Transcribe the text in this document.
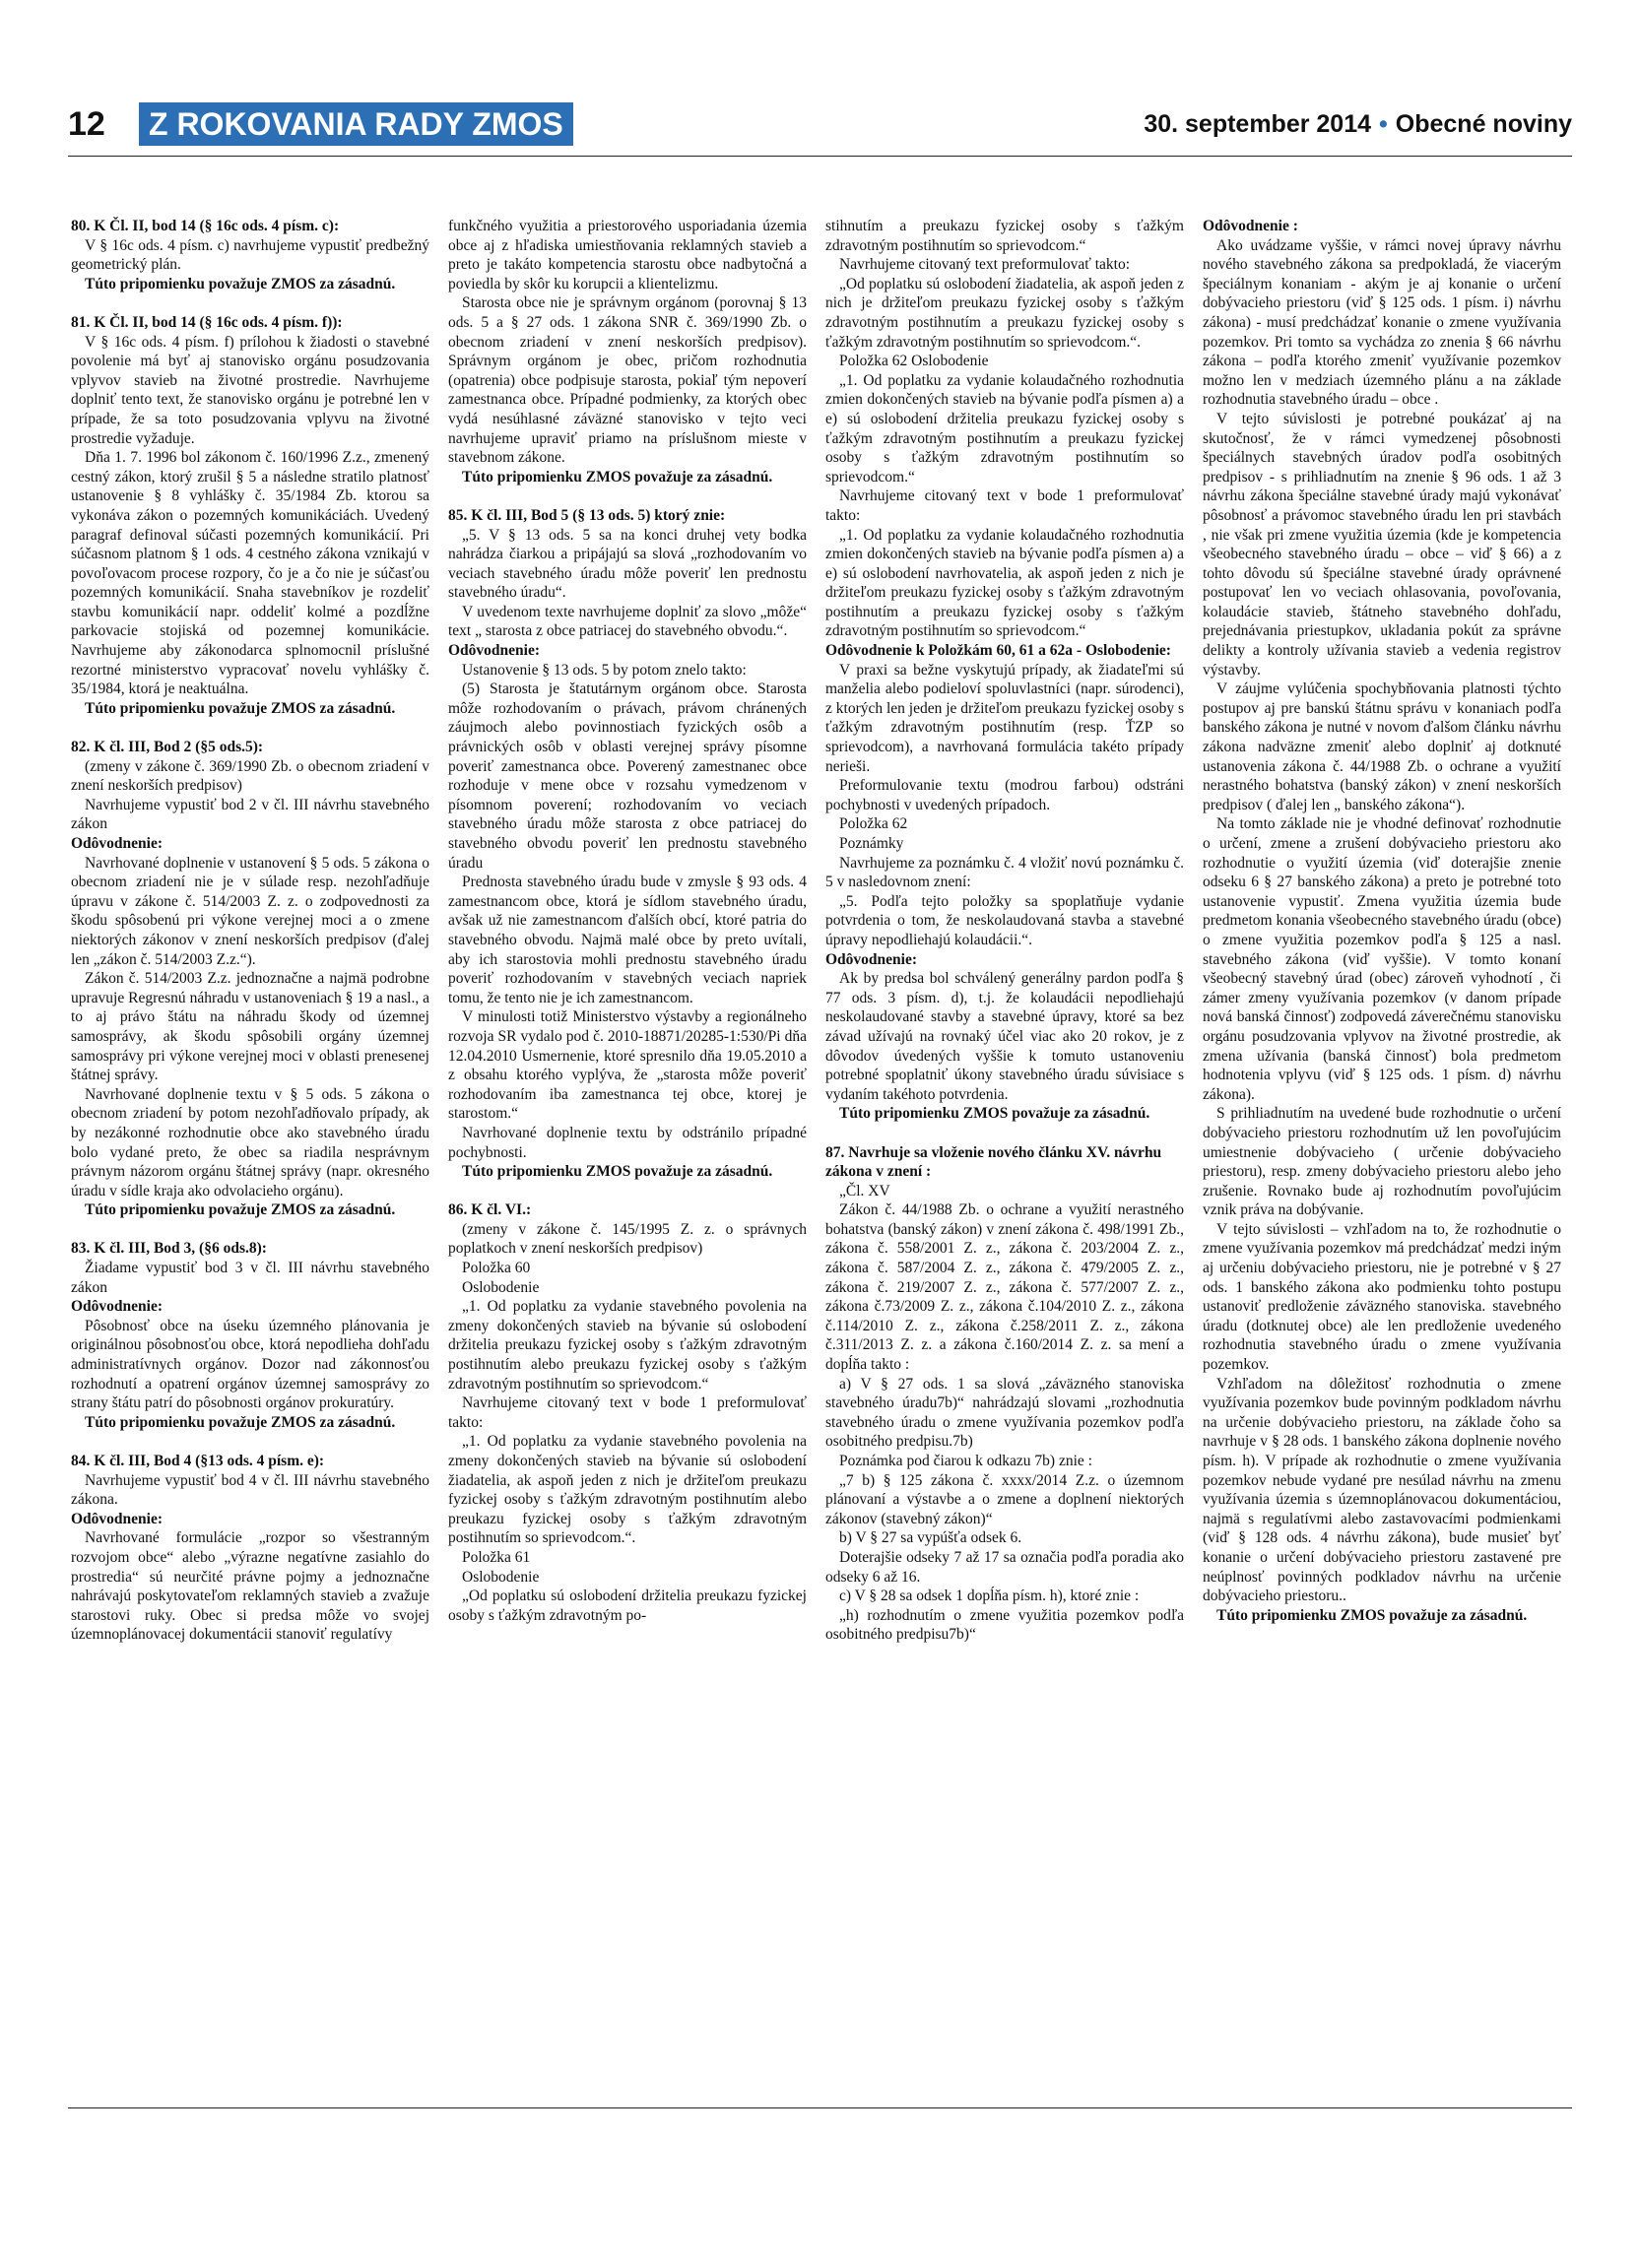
12	Z ROKOVANIA RADY ZMOS	30. september 2014 • Obecné noviny

80. K Čl. II, bod 14 (§ 16c ods. 4 písm. c):

V § 16c ods. 4 písm. c) navrhujeme vypustiť predbežný geometrický plán.

Túto pripomienku považuje ZMOS za zásadnú.

81. K Čl. II, bod 14 (§ 16c ods. 4 písm. f)):

V § 16c ods. 4 písm. f) prílohou k žiadosti o stavebné povolenie má byť aj stanovisko orgánu posudzovania vplyvov stavieb na životné prostredie. Navrhujeme doplniť tento text, že stanovisko orgánu je potrebné len v prípade, že sa toto posudzovania vplyvu na životné prostredie vyžaduje.

Dňa 1. 7. 1996 bol zákonom č. 160/1996 Z.z., zmenený cestný zákon, ktorý zrušil § 5 a následne stratilo platnosť ustanovenie § 8 vyhlášky č. 35/1984 Zb. ktorou sa vykonáva zákon o pozemných komunikáciách. Uvedený paragraf definoval súčasti pozemných komunikácií. Pri súčasnom platnom § 1 ods. 4 cestného zákona vznikajú v povoľovacom procese rozpory, čo je a čo nie je súčasťou pozemných komunikácií. Snaha stavebníkov je rozdeliť stavbu komunikácií napr. oddeliť kolmé a pozdĺžne parkovacie stojiská od pozemnej komunikácie. Navrhujeme aby zákonodarca splnomocnil príslušné rezortné ministerstvo vypracovať novelu vyhlášky č. 35/1984, ktorá je neaktuálna.

Túto pripomienku považuje ZMOS za zásadnú.

82. K čl. III, Bod 2 (§5 ods.5):

(zmeny v zákone č. 369/1990 Zb. o obecnom zriadení v znení neskorších predpisov)

Navrhujeme vypustiť bod 2 v čl. III návrhu stavebného zákon

Odôvodnenie:

Navrhované doplnenie v ustanovení § 5 ods. 5 zákona o obecnom zriadení nie je v súlade resp. nezohľadňuje úpravu v zákone č. 514/2003 Z. z. o zodpovednosti za škodu spôsobenú pri výkone verejnej moci a o zmene niektorých zákonov v znení neskorších predpisov (ďalej len „zákon č. 514/2003 Z.z.“).

Zákon č. 514/2003 Z.z. jednoznačne a najmä podrobne upravuje Regresnú náhradu v ustanoveniach § 19 a nasl., a to aj právo štátu na náhradu škody od územnej samosprávy, ak škodu spôsobili orgány územnej samosprávy pri výkone verejnej moci v oblasti prenesenej štátnej správy.

Navrhované doplnenie textu v § 5 ods. 5 zákona o obecnom zriadení by potom nezohľadňovalo prípady, ak by nezákonné rozhodnutie obce ako stavebného úradu bolo vydané preto, že obec sa riadila nesprávnym právnym názorom orgánu štátnej správy (napr. okresného úradu v sídle kraja ako odvolacieho orgánu).

Túto pripomienku považuje ZMOS za zásadnú.

83. K čl. III, Bod 3, (§6 ods.8):

Žiadame vypustiť bod 3 v čl. III návrhu stavebného zákon

Odôvodnenie:

Pôsobnosť obce na úseku územného plánovania je originálnou pôsobnosťou obce, ktorá nepodlieha dohľadu administratívnych orgánov. Dozor nad zákonnosťou rozhodnutí a opatrení orgánov územnej samosprávy zo strany štátu patrí do pôsobnosti orgánov prokuratúry.

Túto pripomienku považuje ZMOS za zásadnú.

84. K čl. III, Bod 4 (§13 ods. 4 písm. e):

Navrhujeme vypustiť bod 4 v čl. III návrhu stavebného zákona.

Odôvodnenie:

Navrhované formulácie „rozpor so všestranným rozvojom obce“ alebo „výrazne negatívne zasiahlo do prostredia“ sú neurčité právne pojmy a jednoznačne nahrávajú poskytovateľom reklamných stavieb a zvažuje starostovi ruky. Obec si predsa môže vo svojej územnoplánovacej dokumentácii stanoviť regulatívy

funkčného využitia a priestorového usporiadania územia obce aj z hľadiska umiestňovania reklamných stavieb a preto je takáto kompetencia starostu obce nadbytočná a poviedla by skôr ku korupcii a klientelizmu.

Starosta obce nie je správnym orgánom (porovnaj § 13 ods. 5 a § 27 ods. 1 zákona SNR č. 369/1990 Zb. o obecnom zriadení v znení neskorších predpisov). Správnym orgánom je obec, pričom rozhodnutia (opatrenia) obce podpisuje starosta, pokiaľ tým nepoverí zamestnanca obce. Prípadné podmienky, za ktorých obec vydá nesúhlasné záväzné stanovisko v tejto veci navrhujeme upraviť priamo na príslušnom mieste v stavebnom zákone.

Túto pripomienku ZMOS považuje za zásadnú.

85. K čl. III, Bod 5 (§ 13 ods. 5) ktorý znie:

„5. V § 13 ods. 5 sa na konci druhej vety bodka nahrádza čiarkou a pripájajú sa slová „rozhodovaním vo veciach stavebného úradu môže poveriť len prednostu stavebného úradu“.

V uvedenom texte navrhujeme doplniť za slovo „môže“ text „ starosta z obce patriacej do stavebného obvodu.“.

Odôvodnenie:

Ustanovenie § 13 ods. 5 by potom znelo takto:

(5) Starosta je štatutárnym orgánom obce. Starosta môže rozhodovaním o právach, právom chránených záujmoch alebo povinnostiach fyzických osôb a právnických osôb v oblasti verejnej správy písomne poveriť zamestnanca obce. Poverený zamestnanec obce rozhoduje v mene obce v rozsahu vymedzenom v písomnom poverení; rozhodovaním vo veciach stavebného úradu môže starosta z obce patriacej do stavebného obvodu poveriť len prednostu stavebného úradu

Prednosta stavebného úradu bude v zmysle § 93 ods. 4 zamestnancom obce, ktorá je sídlom stavebného úradu, avšak už nie zamestnancom ďalších obcí, ktoré patria do stavebného obvodu. Najmä malé obce by preto uvítali, aby ich starostovia mohli prednostu stavebného úradu poveriť rozhodovaním v stavebných veciach napriek tomu, že tento nie je ich zamestnancom.

V minulosti totiž Ministerstvo výstavby a regionálneho rozvoja SR vydalo pod č. 2010-18871/20285-1:530/Pi dňa 12.04.2010 Usmernenie, ktoré spresnilo dňa 19.05.2010 a z obsahu ktorého vyplýva, že „starosta môže poveriť rozhodovaním iba zamestnanca tej obce, ktorej je starostom.“

Navrhované doplnenie textu by odstránilo prípadné pochybnosti.

Túto pripomienku ZMOS považuje za zásadnú.

86. K čl. VI.:

(zmeny v zákone č. 145/1995 Z. z. o správnych poplatkoch v znení neskorších predpisov)

Položka 60

Oslobodenie

„1. Od poplatku za vydanie stavebného povolenia na zmeny dokončených stavieb na bývanie sú oslobodení držitelia preukazu fyzickej osoby s ťažkým zdravotným postihnutím alebo preukazu fyzickej osoby s ťažkým zdravotným postihnutím so sprievodcom.“

Navrhujeme citovaný text v bode 1 preformulovať takto:

„1. Od poplatku za vydanie stavebného povolenia na zmeny dokončených stavieb na bývanie sú oslobodení žiadatelia, ak aspoň jeden z nich je držiteľom preukazu fyzickej osoby s ťažkým zdravotným postihnutím alebo preukazu fyzickej osoby s ťažkým zdravotným postihnutím so sprievodcom.“.

Položka 61

Oslobodenie

„Od poplatku sú oslobodení držitelia preukazu fyzickej osoby s ťažkým zdravotným po-

stihnutím a preukazu fyzickej osoby s ťažkým zdravotným postihnutím so sprievodcom.“

Navrhujeme citovaný text preformulovať takto:

„Od poplatku sú oslobodení žiadatelia, ak aspoň jeden z nich je držiteľom preukazu fyzickej osoby s ťažkým zdravotným postihnutím a preukazu fyzickej osoby s ťažkým zdravotným postihnutím so sprievodcom.“.

Položka 62 Oslobodenie

„1. Od poplatku za vydanie kolaudačného rozhodnutia zmien dokončených stavieb na bývanie podľa písmen a) a e) sú oslobodení držitelia preukazu fyzickej osoby s ťažkým zdravotným postihnutím a preukazu fyzickej osoby s ťažkým zdravotným postihnutím so sprievodcom.“

Navrhujeme citovaný text v bode 1 preformulovať takto:

„1. Od poplatku za vydanie kolaudačného rozhodnutia zmien dokončených stavieb na bývanie podľa písmen a) a e) sú oslobodení navrhovatelia, ak aspoň jeden z nich je držiteľom preukazu fyzickej osoby s ťažkým zdravotným postihnutím a preukazu fyzickej osoby s ťažkým zdravotným postihnutím so sprievodcom.“

Odôvodnenie k Položkám 60, 61 a 62a - Oslobodenie:

V praxi sa bežne vyskytujú prípady, ak žiadateľmi sú manželia alebo podieloví spoluvlastníci (napr. súrodenci), z ktorých len jeden je držiteľom preukazu fyzickej osoby s ťažkým zdravotným postihnutím (resp. ŤZP so sprievodcom), a navrhovaná formulácia takéto prípady nerieši.

Preformulovanie textu (modrou farbou) odstráni pochybnosti v uvedených prípadoch.

Položka 62

Poznámky

Navrhujeme za poznámku č. 4 vložiť novú poznámku č. 5 v nasledovnom znení:

„5. Podľa tejto položky sa spoplatňuje vydanie potvrdenia o tom, že neskolaudovaná stavba a stavebné úpravy nepodliehajú kolaudácii.“.

Odôvodnenie:

Ak by predsa bol schválený generálny pardon podľa § 77 ods. 3 písm. d), t.j. že kolaudácii nepodliehajú neskolaudované stavby a stavebné úpravy, ktoré sa bez závad užívajú na rovnaký účel viac ako 20 rokov, je z dôvodov úvedených vyššie k tomuto ustanoveniu potrebné spoplatniť úkony stavebného úradu súvisiace s vydaním takéhoto potvrdenia.

Túto pripomienku ZMOS považuje za zásadnú.

87. Navrhuje sa vloženie nového článku XV. návrhu zákona v znení :

„Čl. XV

Zákon č. 44/1988 Zb. o ochrane a využití nerastného bohatstva (banský zákon) v znení zákona č. 498/1991 Zb., zákona č. 558/2001 Z. z., zákona č. 203/2004 Z. z., zákona č. 587/2004 Z. z., zákona č. 479/2005 Z. z., zákona č. 219/2007 Z. z., zákona č. 577/2007 Z. z., zákona č.73/2009 Z. z., zákona č.104/2010 Z. z., zákona č.114/2010 Z. z., zákona č.258/2011 Z. z., zákona č.311/2013 Z. z. a zákona č.160/2014 Z. z. sa mení a dopĺňa takto :

a) V § 27 ods. 1 sa slová „záväzného stanoviska stavebného úradu7b)“ nahrádzajú slovami „rozhodnutia stavebného úradu o zmene využívania pozemkov podľa osobitného predpisu.7b)

Poznámka pod čiarou k odkazu 7b) znie :

„7 b) § 125 zákona č. xxxx/2014 Z.z. o územnom plánovaní a výstavbe a o zmene a doplnení niektorých zákonov (stavebný zákon)“

b) V § 27 sa vypúšťa odsek 6.

Doterajšie odseky 7 až 17 sa označia podľa poradia ako odseky 6 až 16.

c) V § 28 sa odsek 1 dopĺňa písm. h), ktoré znie :

„h) rozhodnutím o zmene využitia pozemkov podľa osobitného predpisu7b)“

Odôvodnenie :

Ako uvádzame vyššie, v rámci novej úpravy návrhu nového stavebného zákona sa predpokladá, že viacerým špeciálnym konaniam - akým je aj konanie o určení dobývacieho priestoru (viď § 125 ods. 1 písm. i) návrhu zákona) - musí predchádzať konanie o zmene využívania pozemkov. Pri tomto sa vychádza zo znenia § 66 návrhu zákona – podľa ktorého zmeniť využívanie pozemkov možno len v medziach územného plánu a na základe rozhodnutia stavebného úradu – obce .

V tejto súvislosti je potrebné poukázať aj na skutočnosť, že v rámci vymedzenej pôsobnosti špeciálnych stavebných úradov podľa osobitných predpisov - s prihliadnutím na znenie § 96 ods. 1 až 3 návrhu zákona špeciálne stavebné úrady majú vykonávať pôsobnosť a právomoc stavebného úradu len pri stavbách , nie však pri zmene využitia územia (kde je kompetencia všeobecného stavebného úradu – obce – viď § 66) a z tohto dôvodu sú špeciálne stavebné úrady oprávnené postupovať len vo veciach ohlasovania, povoľovania, kolaudácie stavieb, štátneho stavebného dohľadu, prejednávania priestupkov, ukladania pokút za správne delikty a kontroly užívania stavieb a vedenia registrov výstavby.

V záujme vylúčenia spochybňovania platnosti týchto postupov aj pre banskú štátnu správu v konaniach podľa banského zákona je nutné v novom ďalšom článku návrhu zákona nadväzne zmeniť alebo doplniť aj dotknuté ustanovenia zákona č. 44/1988 Zb. o ochrane a využití nerastného bohatstva (banský zákon) v znení neskorších predpisov ( ďalej len „ banského zákona“).

Na tomto základe nie je vhodné definovať rozhodnutie o určení, zmene a zrušení dobývacieho priestoru ako rozhodnutie o využití územia (viď doterajšie znenie odseku 6 § 27 banského zákona) a preto je potrebné toto ustanovenie vypustiť. Zmena využitia územia bude predmetom konania všeobecného stavebného úradu (obce) o zmene využitia pozemkov podľa § 125 a nasl. stavebného zákona (viď vyššie). V tomto konaní všeobecný stavebný úrad (obec) zároveň vyhodnotí , či zámer zmeny využívania pozemkov (v danom prípade nová banská činnosť) zodpovedá záverečnému stanovisku orgánu posudzovania vplyvov na životné prostredie, ak zmena užívania (banská činnosť) bola predmetom hodnotenia vplyvu (viď § 125 ods. 1 písm. d) návrhu zákona).

S prihliadnutím na uvedené bude rozhodnutie o určení dobývacieho priestoru rozhodnutím už len povoľujúcim umiestnenie dobývacieho ( určenie dobývacieho priestoru), resp. zmeny dobývacieho priestoru alebo jeho zrušenie. Rovnako bude aj rozhodnutím povoľujúcim vznik práva na dobývanie.

V tejto súvislosti – vzhľadom na to, že rozhodnutie o zmene využívania pozemkov má predchádzať medzi iným aj určeniu dobývacieho priestoru, nie je potrebné v § 27 ods. 1 banského zákona ako podmienku tohto postupu ustanoviť predloženie záväzného stanoviska. stavebného úradu (dotknutej obce) ale len predloženie uvedeného rozhodnutia stavebného úradu o zmene využívania pozemkov.

Vzhľadom na dôležitosť rozhodnutia o zmene využívania pozemkov bude povinným podkladom návrhu na určenie dobývacieho priestoru, na základe čoho sa navrhuje v § 28 ods. 1 banského zákona doplnenie nového písm. h). V prípade ak rozhodnutie o zmene využívania pozemkov nebude vydané pre nesúlad návrhu na zmenu využívania územia s územnoplánovacou dokumentáciou, najmä s regulatívmi alebo zastavovacími podmienkami (viď § 128 ods. 4 návrhu zákona), bude musieť byť konanie o určení dobývacieho priestoru zastavené pre neúplnosť povinných podkladov návrhu na určenie dobývacieho priestoru..

Túto pripomienku ZMOS považuje za zásadnú.
